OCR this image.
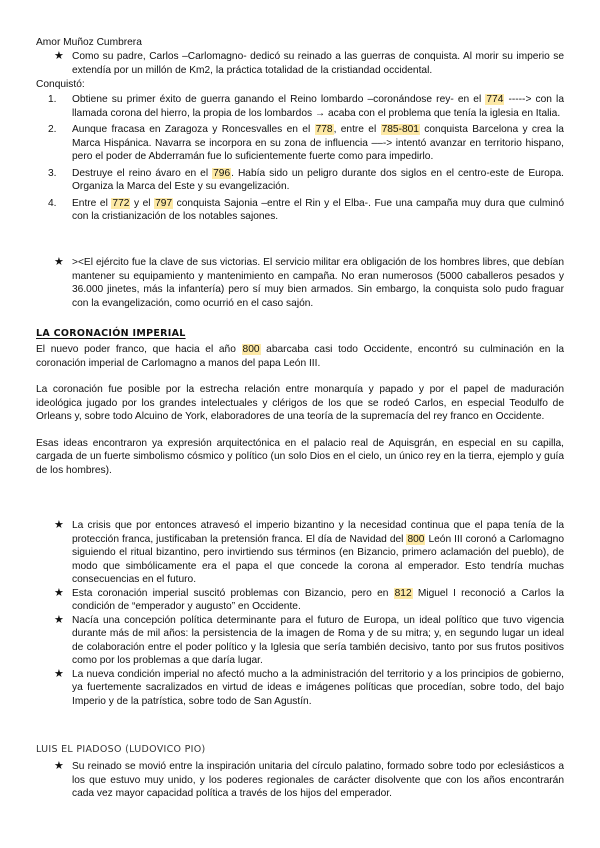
Amor Muñoz Cumbrera
★ Como su padre, Carlos –Carlomagno- dedicó su reinado a las guerras de conquista. Al morir su imperio se extendía por un millón de Km2, la práctica totalidad de la cristiandad occidental.

Conquistó:

1. Obtiene su primer éxito de guerra ganando el Reino lombardo –coronándose rey- en el 774 -----> con la llamada corona del hierro, la propia de los lombardos → acaba con el problema que tenía la iglesia en Italia.

2. Aunque fracasa en Zaragoza y Roncesvalles en el 778, entre el 785-801 conquista Barcelona y crea la Marca Hispánica. Navarra se incorpora en su zona de influencia ––-> intentó avanzar en territorio hispano, pero el poder de Abderramán fue lo suficientemente fuerte como para impedirlo.

3. Destruye el reino ávaro en el 796. Había sido un peligro durante dos siglos en el centro-este de Europa. Organiza la Marca del Este y su evangelización.

4. Entre el 772 y el 797 conquista Sajonia –entre el Rin y el Elba-. Fue una campaña muy dura que culminó con la cristianización de los notables sajones.

★ ><El ejército fue la clave de sus victorias. El servicio militar era obligación de los hombres libres, que debían mantener su equipamiento y mantenimiento en campaña. No eran numerosos (5000 caballeros pesados y 36.000 jinetes, más la infantería) pero sí muy bien armados. Sin embargo, la conquista solo pudo fraguar con la evangelización, como ocurrió en el caso sajón.

LA CORONACIÓN IMPERIAL

El nuevo poder franco, que hacia el año 800 abarcaba casi todo Occidente, encontró su culminación en la coronación imperial de Carlomagno a manos del papa León III.

La coronación fue posible por la estrecha relación entre monarquía y papado y por el papel de maduración ideológica jugado por los grandes intelectuales y clérigos de los que se rodeó Carlos, en especial Teodulfo de Orleans y, sobre todo Alcuino de York, elaboradores de una teoría de la supremacía del rey franco en Occidente.

Esas ideas encontraron ya expresión arquitectónica en el palacio real de Aquisgrán, en especial en su capilla, cargada de un fuerte simbolismo cósmico y político (un solo Dios en el cielo, un único rey en la tierra, ejemplo y guía de los hombres).

★ La crisis que por entonces atravesó el imperio bizantino y la necesidad continua que el papa tenía de la protección franca, justificaban la pretensión franca. El día de Navidad del 800 León III coronó a Carlomagno siguiendo el ritual bizantino, pero invirtiendo sus términos (en Bizancio, primero aclamación del pueblo), de modo que simbólicamente era el papa el que concede la corona al emperador. Esto tendría muchas consecuencias en el futuro.

★ Esta coronación imperial suscitó problemas con Bizancio, pero en 812 Miguel I reconoció a Carlos la condición de “emperador y augusto” en Occidente.

★ Nacía una concepción política determinante para el futuro de Europa, un ideal político que tuvo vigencia durante más de mil años: la persistencia de la imagen de Roma y de su mitra; y, en segundo lugar un ideal de colaboración entre el poder político y la Iglesia que sería también decisivo, tanto por sus frutos positivos como por los problemas a que daría lugar.

★ La nueva condición imperial no afectó mucho a la administración del territorio y a los principios de gobierno, ya fuertemente sacralizados en virtud de ideas e imágenes políticas que procedían, sobre todo, del bajo Imperio y de la patrística, sobre todo de San Agustín.

LUIS EL PIADOSO (LUDOVICO PIO)
★ Su reinado se movió entre la inspiración unitaria del círculo palatino, formado sobre todo por eclesiásticos a los que estuvo muy unido, y los poderes regionales de carácter disolvente que con los años encontrarán cada vez mayor capacidad política a través de los hijos del emperador.
